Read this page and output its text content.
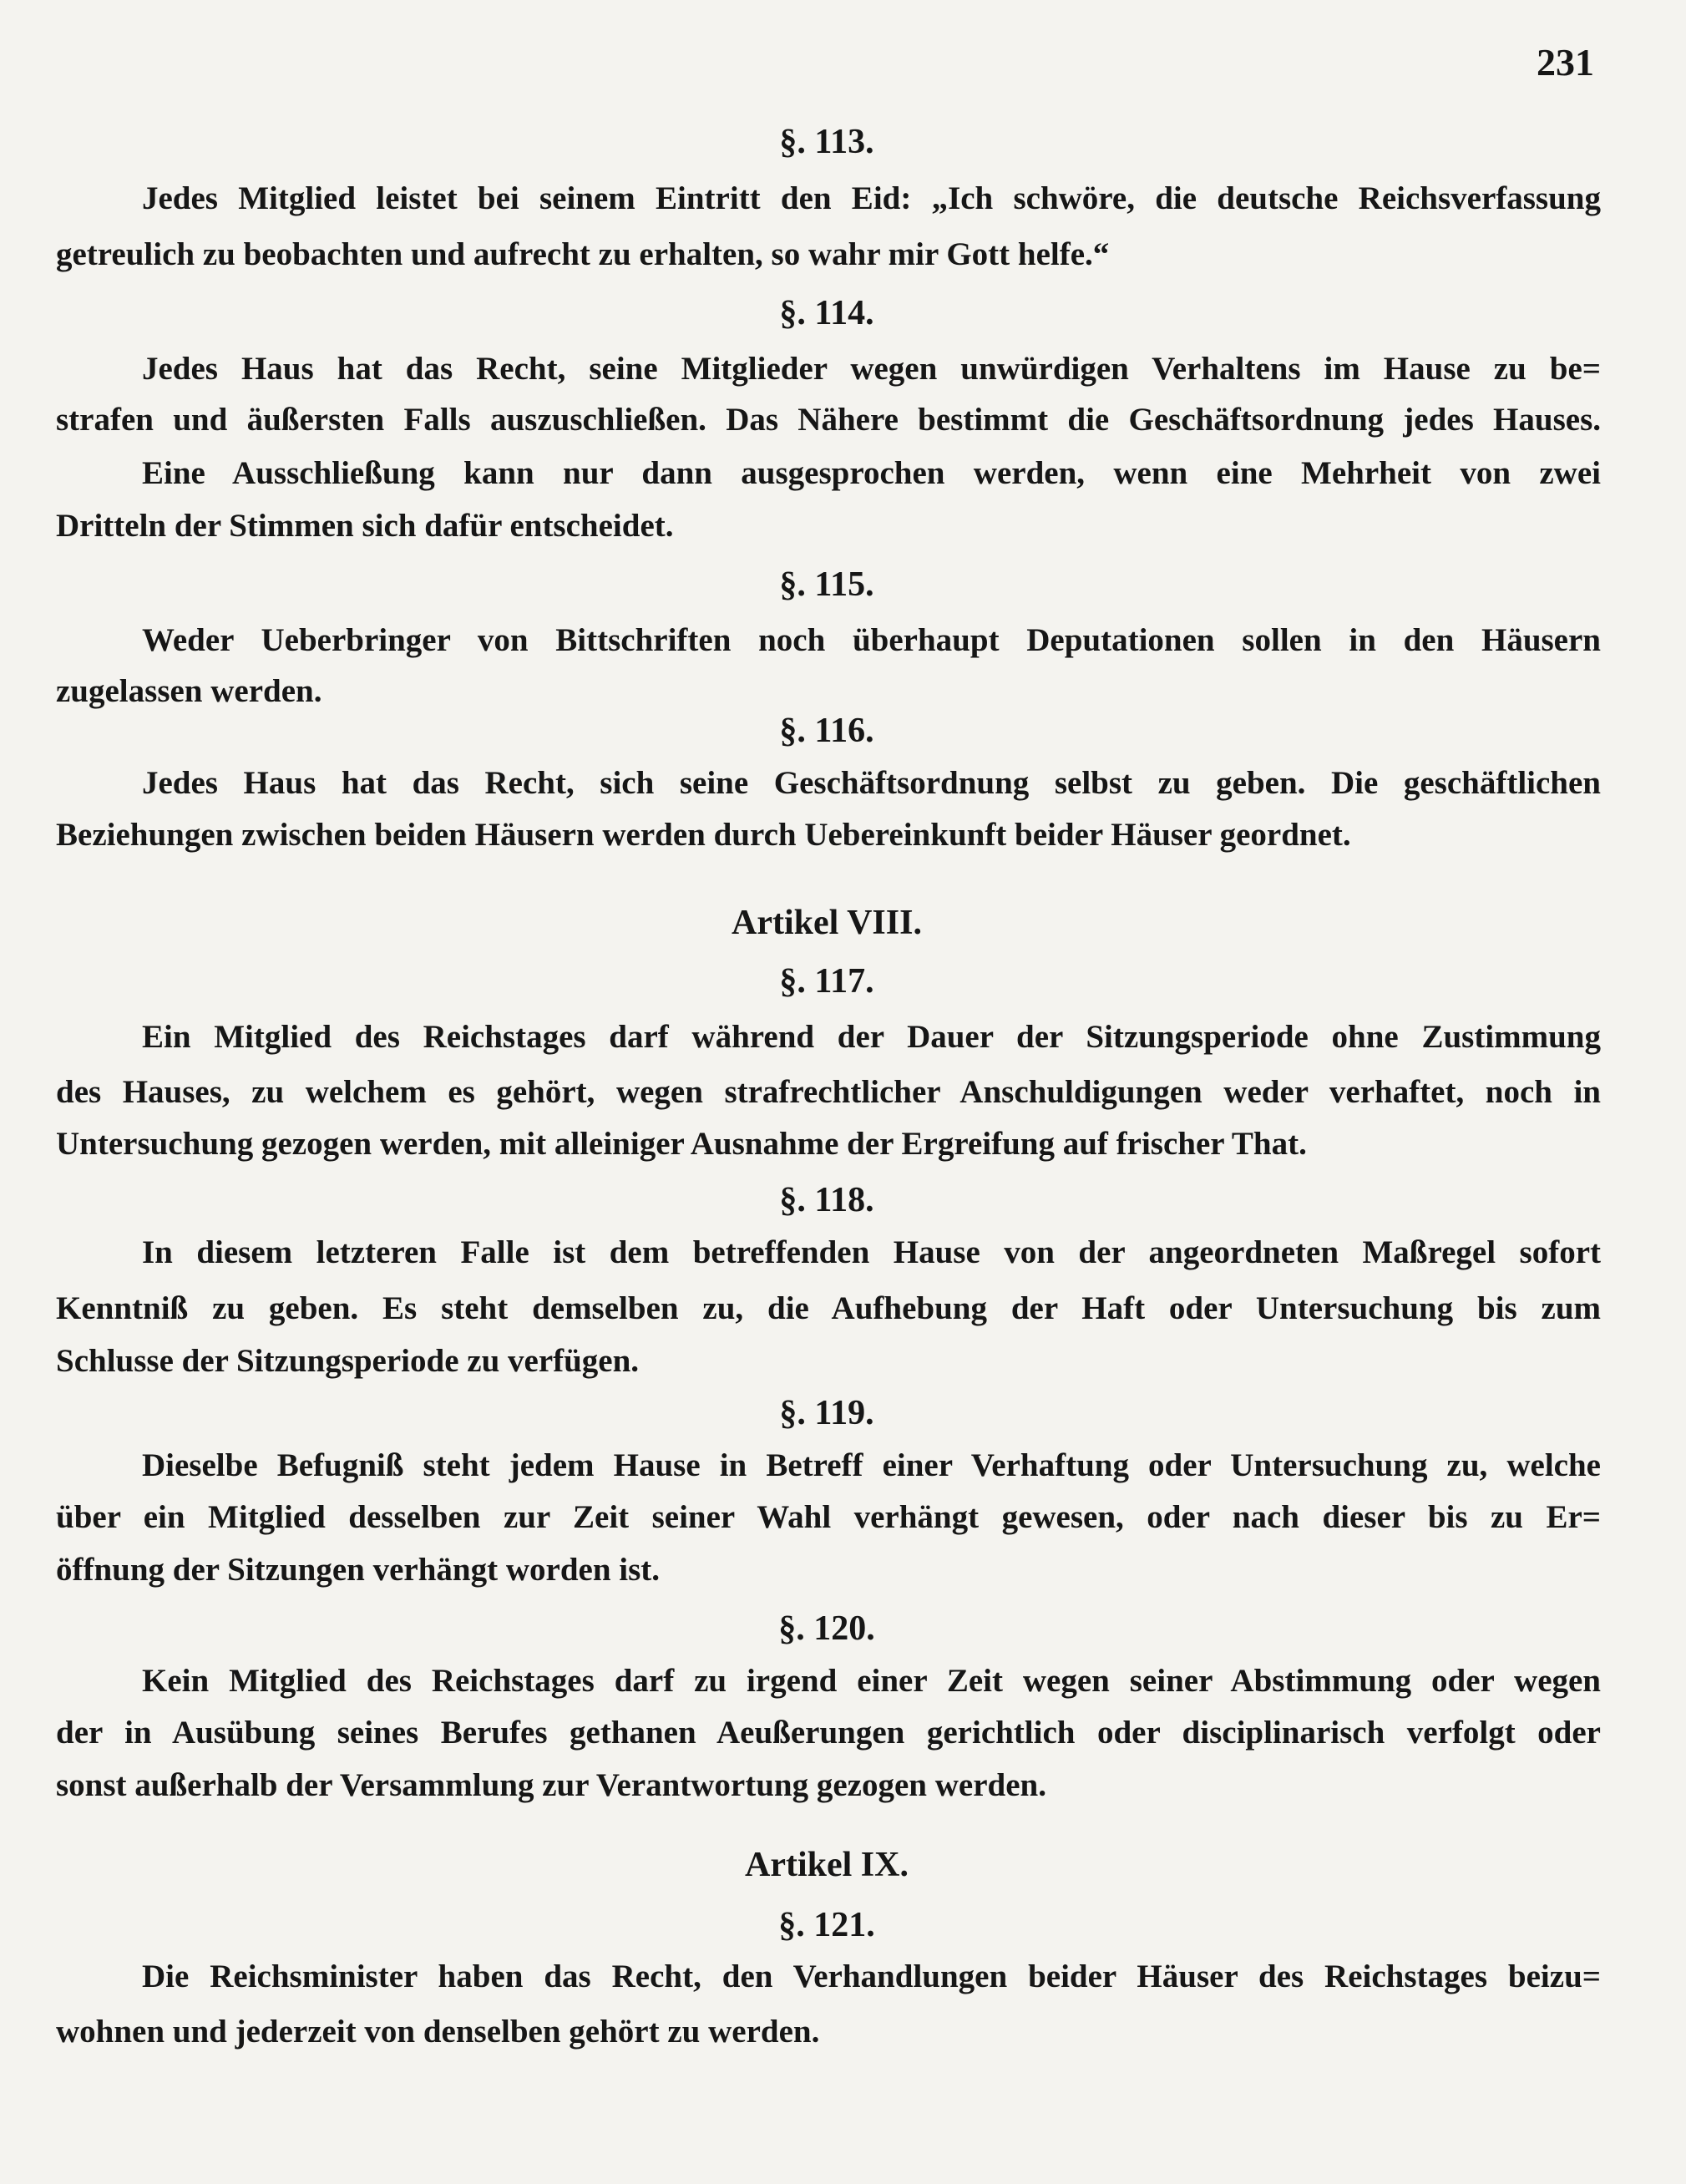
231
§. 113.
Jedes Mitglied leistet bei seinem Eintritt den Eid: „Ich schwöre, die deutsche Reichsverfassung
getreulich zu beobachten und aufrecht zu erhalten, so wahr mir Gott helfe.“
§. 114.
Jedes Haus hat das Recht, seine Mitglieder wegen unwürdigen Verhaltens im Hause zu be=
strafen und äußersten Falls auszuschließen. Das Nähere bestimmt die Geschäftsordnung jedes Hauses.
Eine Ausschließung kann nur dann ausgesprochen werden, wenn eine Mehrheit von zwei
Dritteln der Stimmen sich dafür entscheidet.
§. 115.
Weder Ueberbringer von Bittschriften noch überhaupt Deputationen sollen in den Häusern
zugelassen werden.
§. 116.
Jedes Haus hat das Recht, sich seine Geschäftsordnung selbst zu geben. Die geschäftlichen
Beziehungen zwischen beiden Häusern werden durch Uebereinkunft beider Häuser geordnet.
Artikel VIII.
§. 117.
Ein Mitglied des Reichstages darf während der Dauer der Sitzungsperiode ohne Zustimmung
des Hauses, zu welchem es gehört, wegen strafrechtlicher Anschuldigungen weder verhaftet, noch in
Untersuchung gezogen werden, mit alleiniger Ausnahme der Ergreifung auf frischer That.
§. 118.
In diesem letzteren Falle ist dem betreffenden Hause von der angeordneten Maßregel sofort
Kenntniß zu geben. Es steht demselben zu, die Aufhebung der Haft oder Untersuchung bis zum
Schlusse der Sitzungsperiode zu verfügen.
§. 119.
Dieselbe Befugniß steht jedem Hause in Betreff einer Verhaftung oder Untersuchung zu, welche
über ein Mitglied desselben zur Zeit seiner Wahl verhängt gewesen, oder nach dieser bis zu Er=
öffnung der Sitzungen verhängt worden ist.
§. 120.
Kein Mitglied des Reichstages darf zu irgend einer Zeit wegen seiner Abstimmung oder wegen
der in Ausübung seines Berufes gethanen Aeußerungen gerichtlich oder disciplinarisch verfolgt oder
sonst außerhalb der Versammlung zur Verantwortung gezogen werden.
Artikel IX.
§. 121.
Die Reichsminister haben das Recht, den Verhandlungen beider Häuser des Reichstages beizu=
wohnen und jederzeit von denselben gehört zu werden.
